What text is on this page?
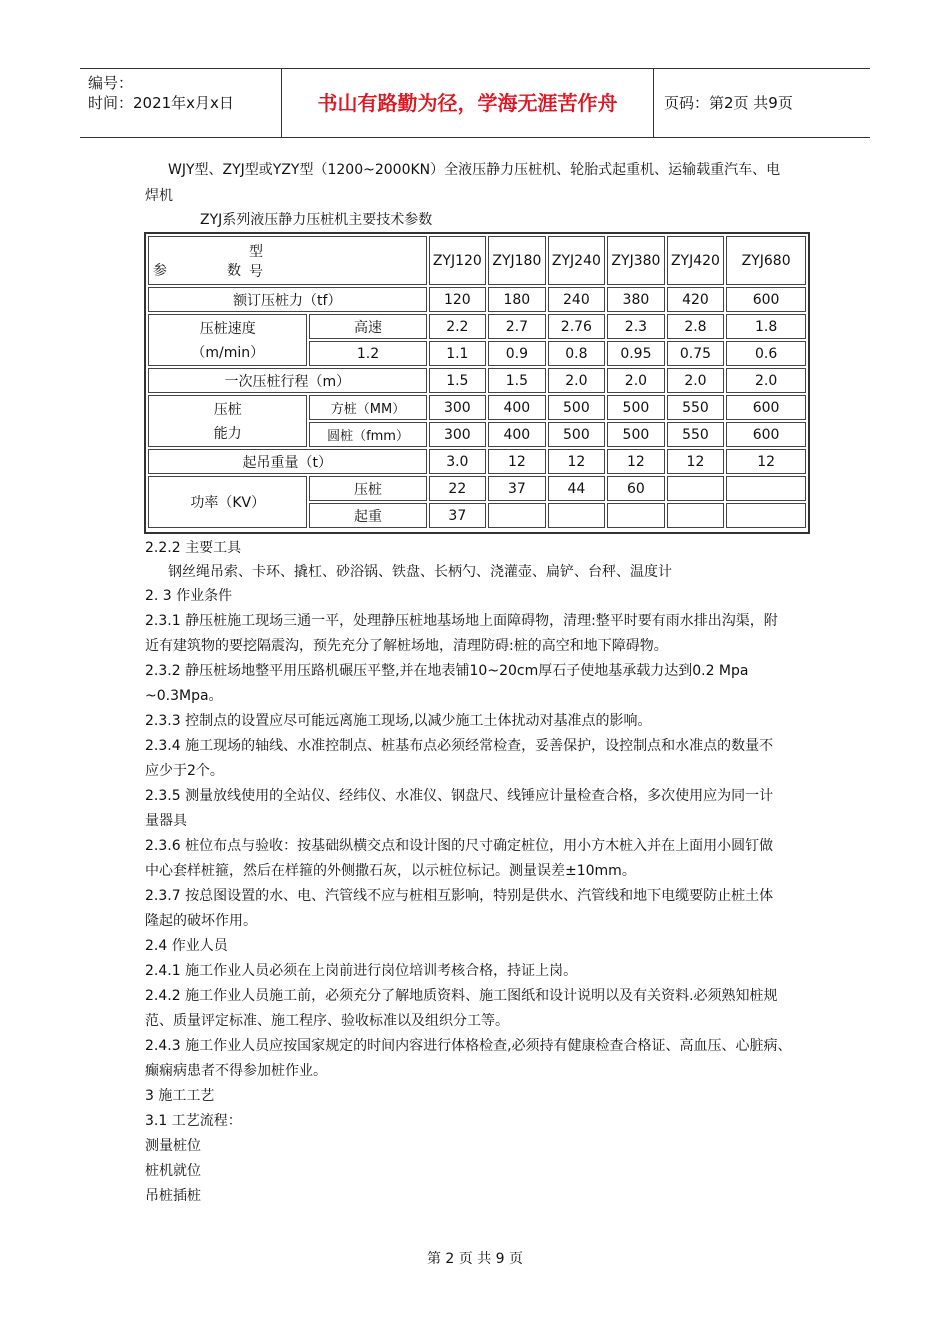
编号：
时间：2021年x月x日	书山有路勤为径，学海无涯苦作舟	页码：第2页 共9页
WJY型、ZYJ型或YZY型（1200~2000KN）全液压静力压桩机、轮胎式起重机、运输载重汽车、电
焊机
ZYJ系列液压静力压桩机主要技术参数
型号
参 数		ZYJ120	ZYJ180	ZYJ240	ZYJ380	ZYJ420	ZYJ680
额订压桩力（tf）		120	180	240	380	420	600

压桩速度
（m/min）	高速	2.2	2.7	2.76	2.3	2.8	1.8
	1.2	1.1	0.9	0.8	0.95	0.75	0.6
一次压桩行程（m）		1.5	1.5	2.0	2.0	2.0	2.0

压桩
能力	方桩（MM）	300	400	500	500	550	600
	圆桩（fmm）	300	400	500	500	550	600
起吊重量（t）		3.0	12	12	12	12	12
功率（KV）	压桩	22	37	44	60		
	起重	37					
2.2.2 主要工具
钢丝绳吊索、卡环、撬杠、砂浴锅、铁盘、长柄勺、浇灌壶、扁铲、台秤、温度计
2. 3 作业条件
2.3.1 静压桩施工现场三通一平，处理静压桩地基场地上面障碍物，清理:整平时要有雨水排出沟渠，附
近有建筑物的要挖隔震沟，预先充分了解桩场地，清理防碍:桩的高空和地下障碍物。
2.3.2 静压桩场地整平用压路机碾压平整,并在地表铺10~20cm厚石子使地基承载力达到0.2 Mpa
~0.3Mpa。
2.3.3 控制点的设置应尽可能远离施工现场,以减少施工土体扰动对基准点的影响。
2.3.4 施工现场的轴线、水准控制点、桩基布点必须经常检查，妥善保护，设控制点和水准点的数量不
应少于2个。
2.3.5 测量放线使用的全站仪、经纬仪、水准仪、钢盘尺、线锤应计量检查合格，多次使用应为同一计
量器具
2.3.6 桩位布点与验收：按基础纵横交点和设计图的尺寸确定桩位，用小方木桩入并在上面用小圆钉做
中心套样桩箍，然后在样箍的外侧撒石灰，以示桩位标记。测量误差±10mm。
2.3.7 按总图设置的水、电、汽管线不应与桩相互影响，特别是供水、汽管线和地下电缆要防止桩土体
隆起的破坏作用。
2.4 作业人员
2.4.1 施工作业人员必须在上岗前进行岗位培训考核合格，持证上岗。
2.4.2 施工作业人员施工前，必须充分了解地质资料、施工图纸和设计说明以及有关资料.必须熟知桩规
范、质量评定标准、施工程序、验收标准以及组织分工等。
2.4.3 施工作业人员应按国家规定的时间内容进行体格检查,必须持有健康检查合格证、高血压、心脏病、
癫痫病患者不得参加桩作业。
3 施工工艺
3.1 工艺流程：
测量桩位
桩机就位
吊桩插桩
第 2 页 共 9 页
